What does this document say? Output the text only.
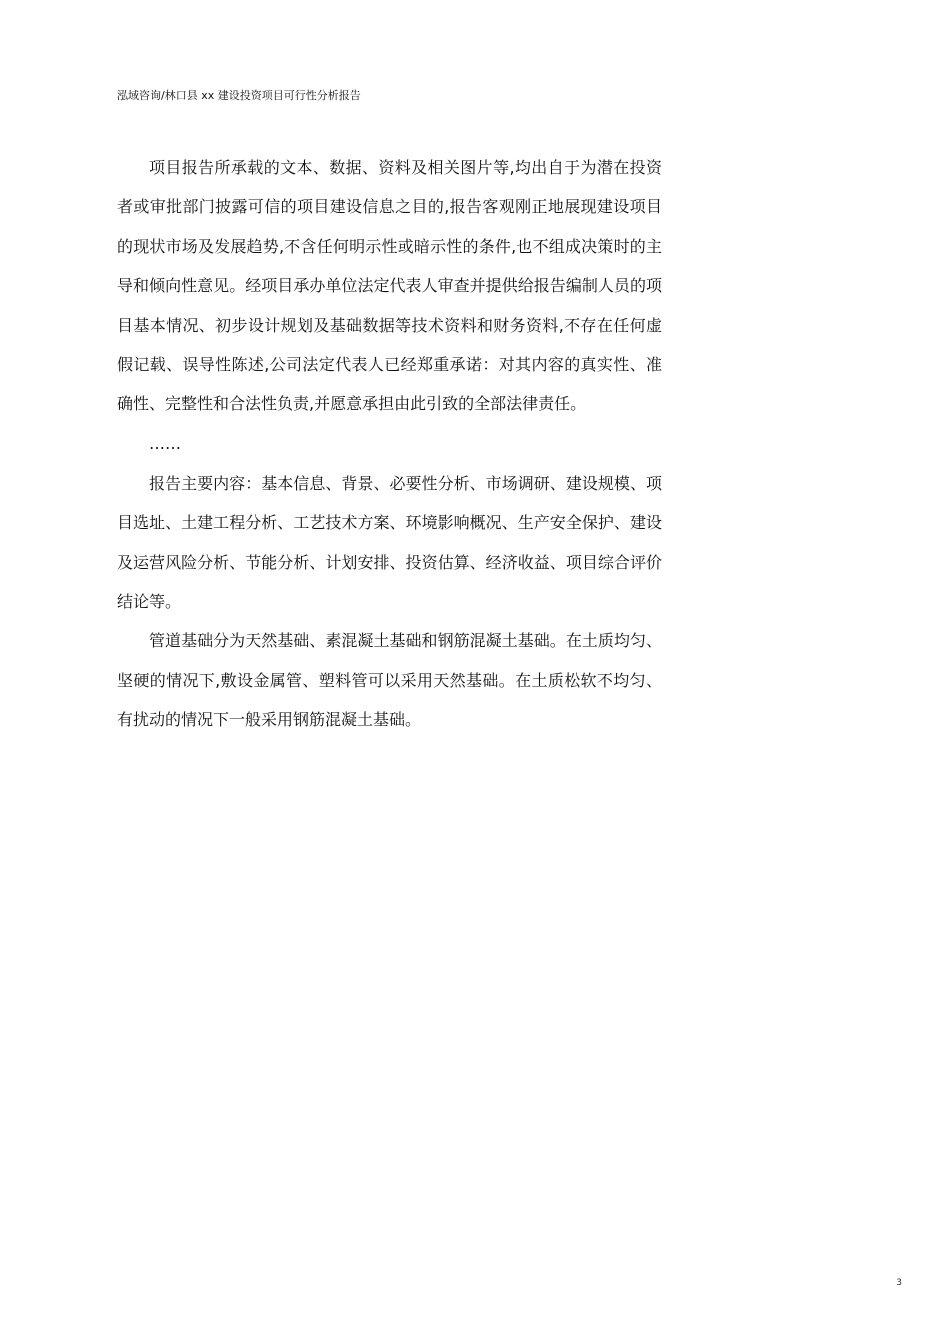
泓域咨询/林口县 xx 建设投资项目可行性分析报告

项目报告所承载的文本、数据、资料及相关图片等,均出自于为潜在投资者或审批部门披露可信的项目建设信息之目的,报告客观刚正地展现建设项目的现状市场及发展趋势,不含任何明示性或暗示性的条件,也不组成决策时的主导和倾向性意见。经项目承办单位法定代表人审查并提供给报告编制人员的项目基本情况、初步设计规划及基础数据等技术资料和财务资料,不存在任何虚假记载、误导性陈述,公司法定代表人已经郑重承诺：对其内容的真实性、准确性、完整性和合法性负责,并愿意承担由此引致的全部法律责任。

……

报告主要内容：基本信息、背景、必要性分析、市场调研、建设规模、项目选址、土建工程分析、工艺技术方案、环境影响概况、生产安全保护、建设及运营风险分析、节能分析、计划安排、投资估算、经济收益、项目综合评价结论等。

管道基础分为天然基础、素混凝土基础和钢筋混凝土基础。在土质均匀、坚硬的情况下,敷设金属管、塑料管可以采用天然基础。在土质松软不均匀、有扰动的情况下一般采用钢筋混凝土基础。

3
